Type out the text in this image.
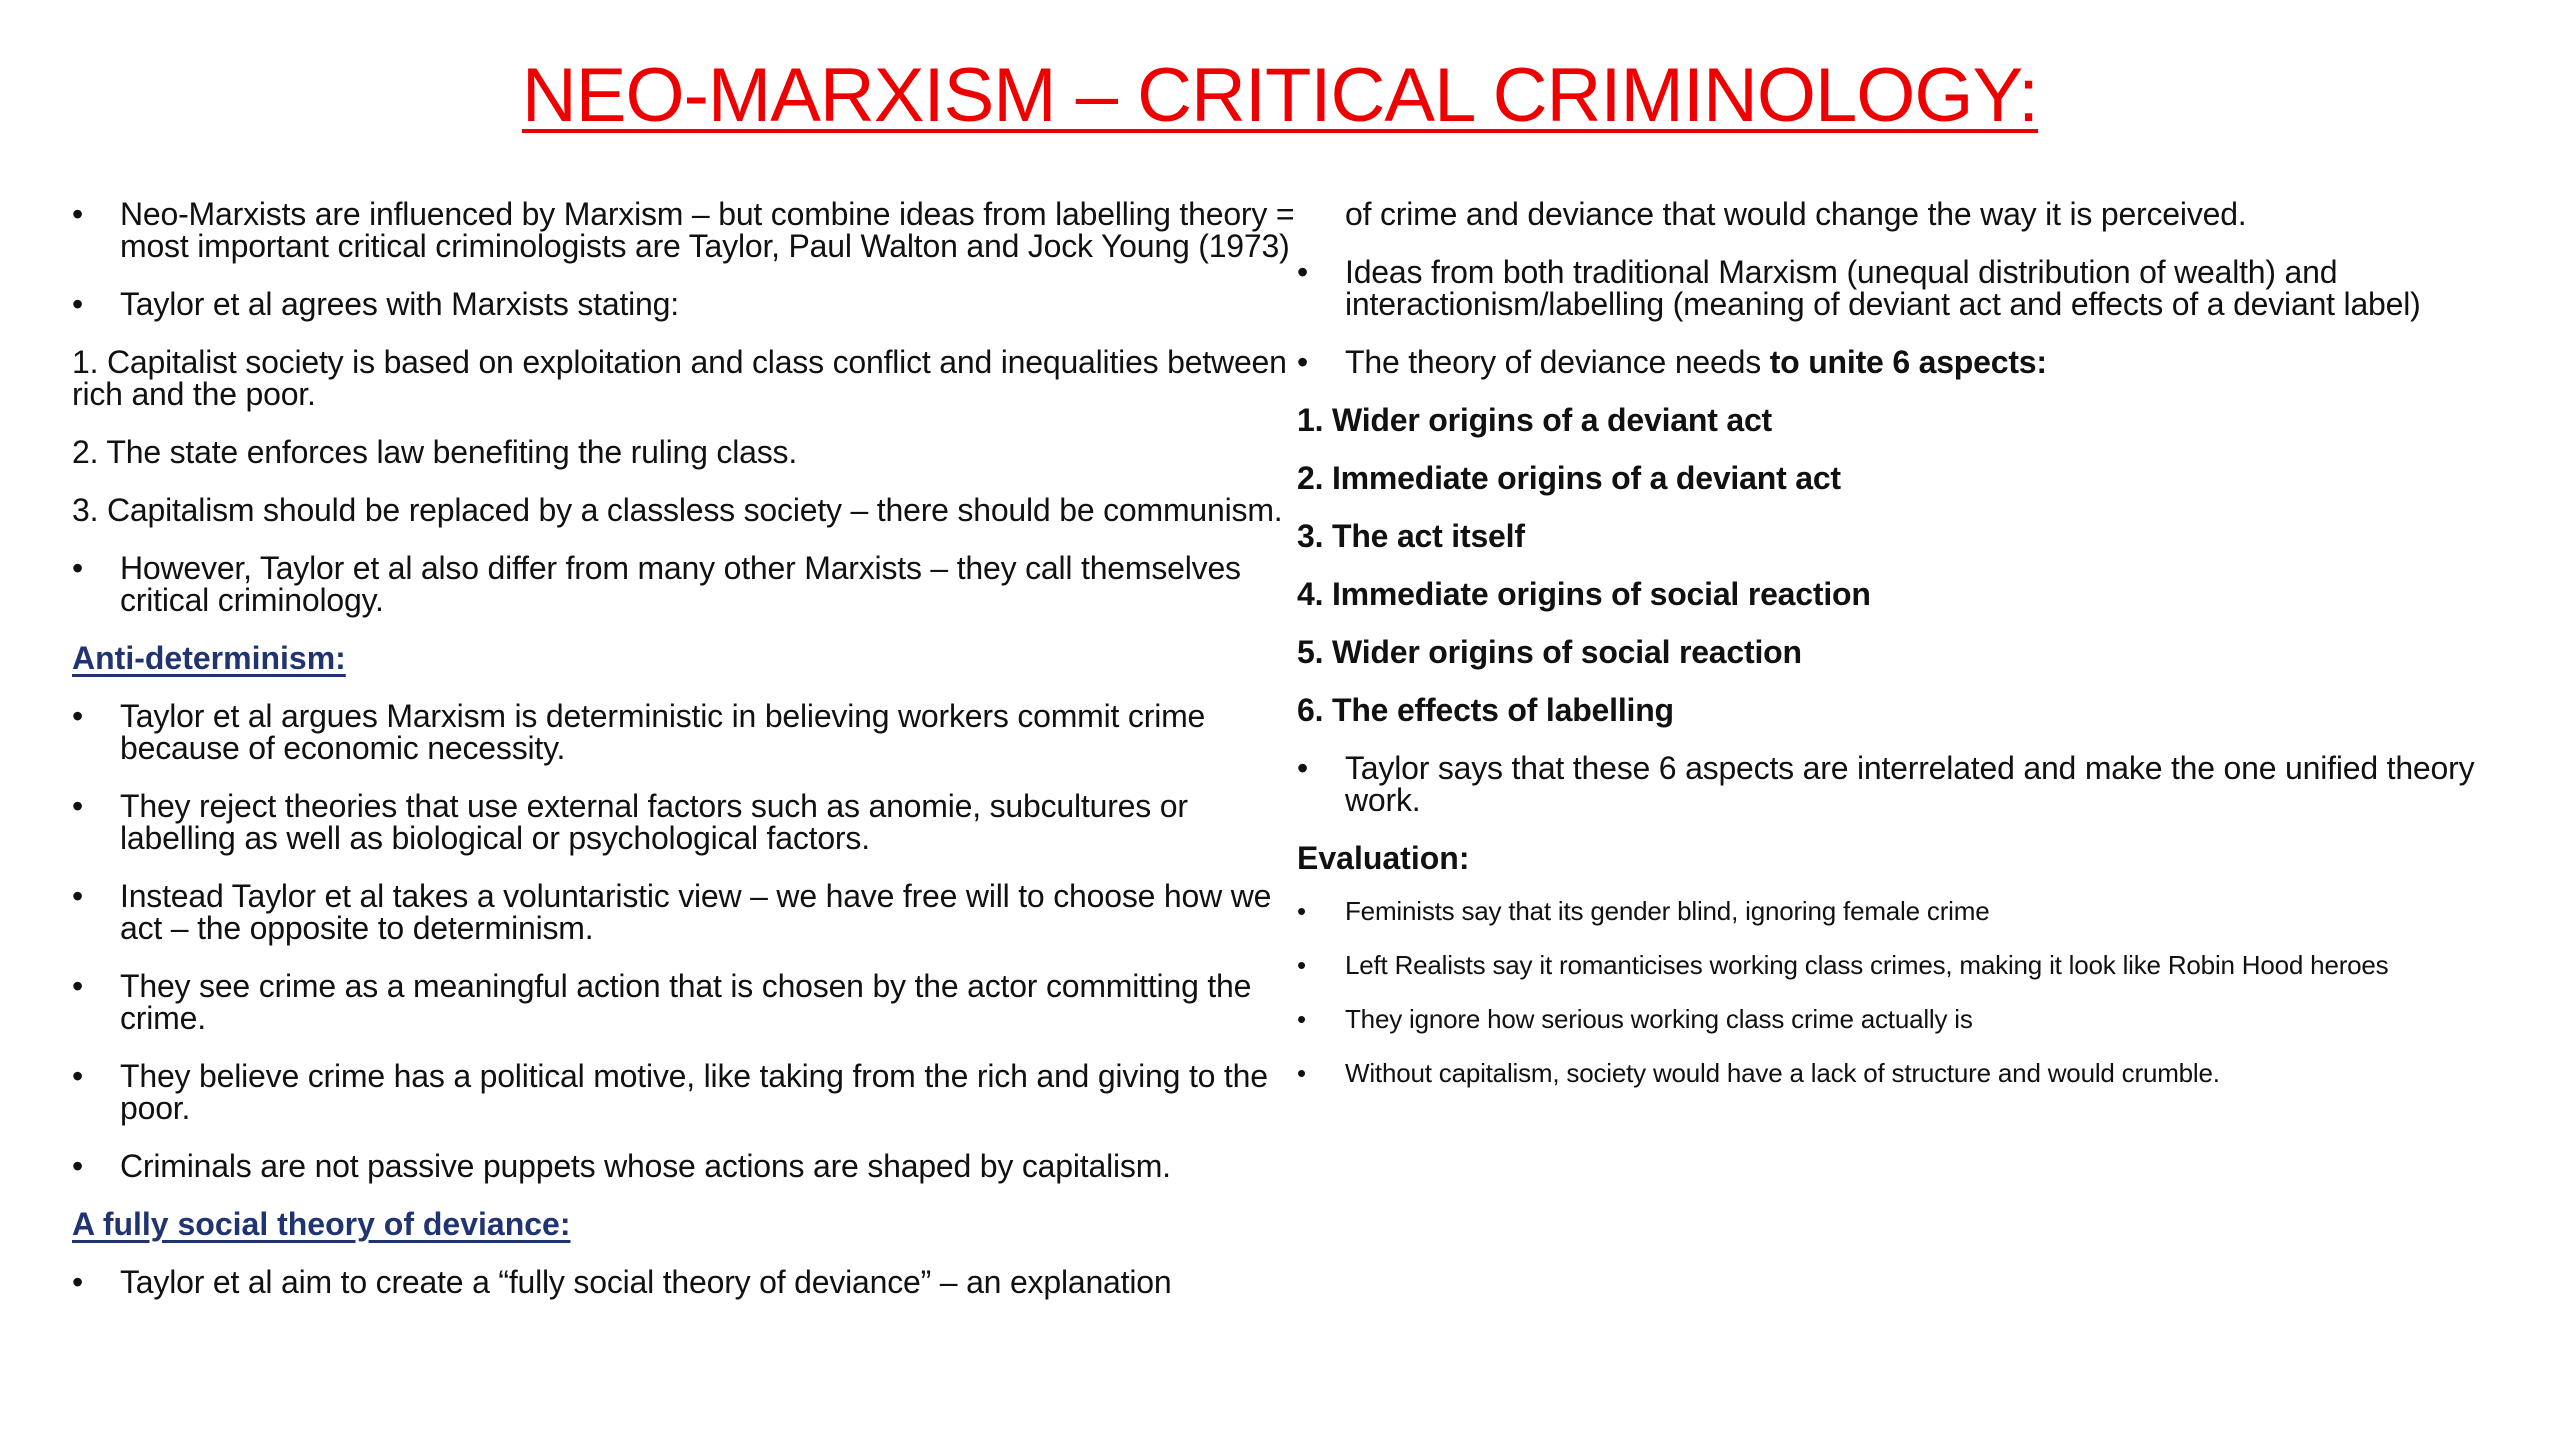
NEO-MARXISM – CRITICAL CRIMINOLOGY:
• Neo-Marxists are influenced by Marxism – but combine ideas from labelling theory = most important critical criminologists are Taylor, Paul Walton and Jock Young (1973)
• Taylor et al agrees with Marxists stating:
1. Capitalist society is based on exploitation and class conflict and inequalities between rich and the poor.
2. The state enforces law benefiting the ruling class.
3. Capitalism should be replaced by a classless society – there should be communism.
• However, Taylor et al also differ from many other Marxists – they call themselves critical criminology.
Anti-determinism:
• Taylor et al argues Marxism is deterministic in believing workers commit crime because of economic necessity.
• They reject theories that use external factors such as anomie, subcultures or labelling as well as biological or psychological factors.
• Instead Taylor et al takes a voluntaristic view – we have free will to choose how we act – the opposite to determinism.
• They see crime as a meaningful action that is chosen by the actor committing the crime.
• They believe crime has a political motive, like taking from the rich and giving to the poor.
• Criminals are not passive puppets whose actions are shaped by capitalism.
A fully social theory of deviance:
• Taylor et al aim to create a “fully social theory of deviance” – an explanation
of crime and deviance that would change the way it is perceived.
• Ideas from both traditional Marxism (unequal distribution of wealth) and interactionism/labelling (meaning of deviant act and effects of a deviant label)
• The theory of deviance needs to unite 6 aspects:
1. Wider origins of a deviant act
2. Immediate origins of a deviant act
3. The act itself
4. Immediate origins of social reaction
5. Wider origins of social reaction
6. The effects of labelling
• Taylor says that these 6 aspects are interrelated and make the one unified theory work.
Evaluation:
• Feminists say that its gender blind, ignoring female crime
• Left Realists say it romanticises working class crimes, making it look like Robin Hood heroes
• They ignore how serious working class crime actually is
• Without capitalism, society would have a lack of structure and would crumble.
